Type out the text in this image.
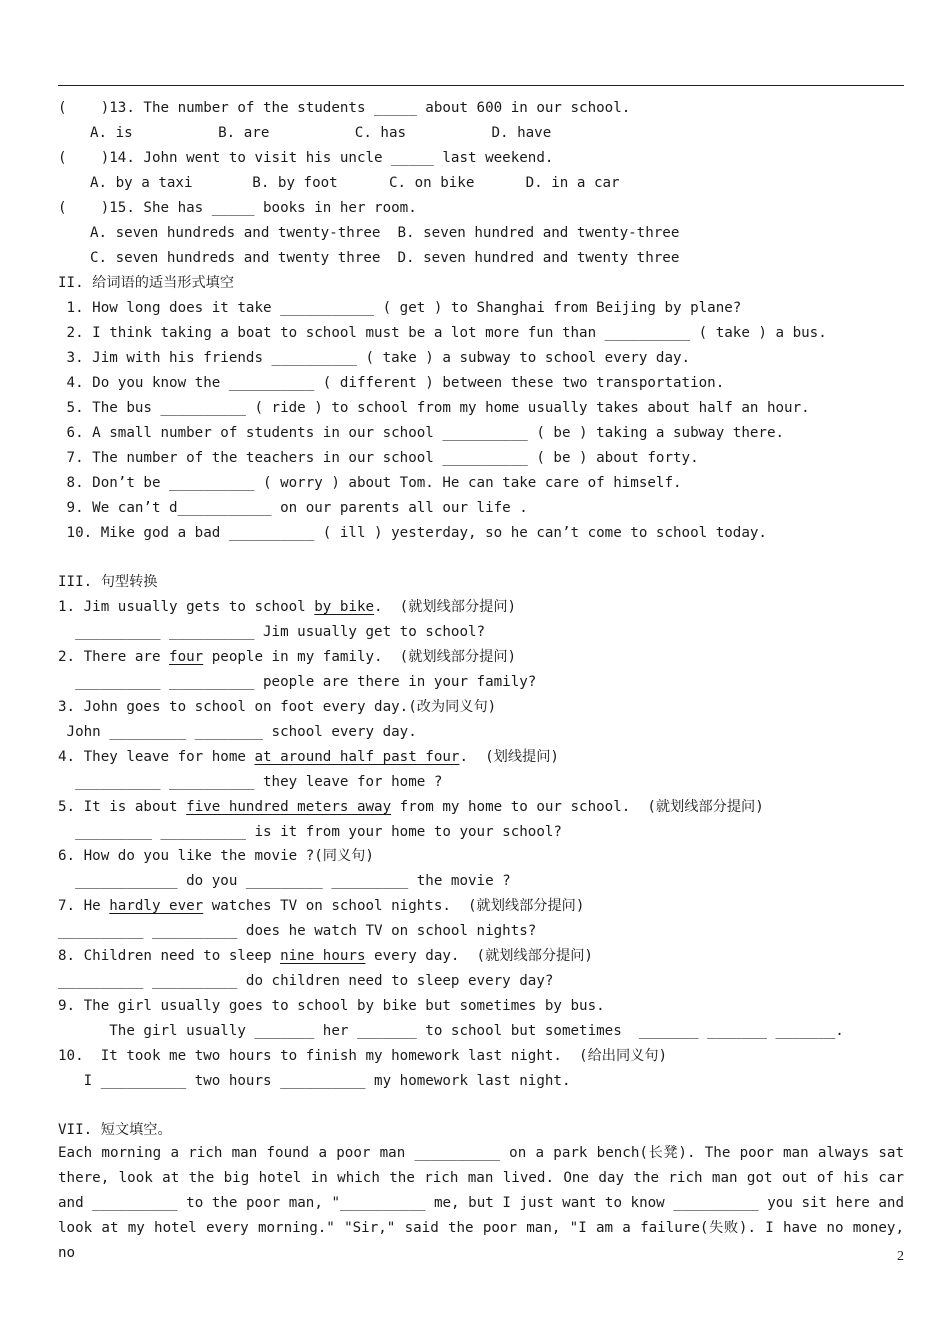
(    )13. The number of the students _____ about 600 in our school.
A. is          B. are          C. has          D. have
(    )14. John went to visit his uncle _____ last weekend.
A. by a taxi       B. by foot      C. on bike      D. in a car
(    )15. She has _____ books in her room.
A. seven hundreds and twenty-three  B. seven hundred and twenty-three
C. seven hundreds and twenty three  D. seven hundred and twenty three
II. 给词语的适当形式填空
1. How long does it take ___________ ( get ) to Shanghai from Beijing by plane?
2. I think taking a boat to school must be a lot more fun than __________ ( take ) a bus.
3. Jim with his friends __________ ( take ) a subway to school every day.
4. Do you know the __________ ( different ) between these two transportation.
5. The bus __________ ( ride ) to school from my home usually takes about half an hour.
6. A small number of students in our school __________ ( be ) taking a subway there.
7. The number of the teachers in our school __________ ( be ) about forty.
8. Don’t be __________ ( worry ) about Tom. He can take care of himself.
9. We can’t d___________ on our parents all our life .
10. Mike god a bad __________ ( ill ) yesterday, so he can’t come to school today.
III. 句型转换
1. Jim usually gets to school by bike.  (就划线部分提问)
__________ __________ Jim usually get to school?
2. There are four people in my family.  (就划线部分提问)
__________ __________ people are there in your family?
3. John goes to school on foot every day.(改为同义句)
John _________ ________ school every day.
4. They leave for home at around half past four.  (划线提问)
__________ __________ they leave for home ?
5. It is about five hundred meters away from my home to our school.  (就划线部分提问)
_________ __________ is it from your home to your school?
6. How do you like the movie ?(同义句)
____________ do you _________ _________ the movie ?
7. He hardly ever watches TV on school nights.  (就划线部分提问)
__________ __________ does he watch TV on school nights?
8. Children need to sleep nine hours every day.  (就划线部分提问)
__________ __________ do children need to sleep every day?
9. The girl usually goes to school by bike but sometimes by bus.
The girl usually _______ her _______ to school but sometimes  _______ _______ _______.
10.  It took me two hours to finish my homework last night.  (给出同义句)
I __________ two hours __________ my homework last night.
VII. 短文填空。
Each morning a rich man found a poor man __________ on a park bench(长凳). The poor man always sat there, look at the big hotel in which the rich man lived. One day the rich man got out of his car and __________ to the poor man, "__________ me, but I just want to know __________ you sit here and look at my hotel every morning." "Sir," said the poor man, "I am a failure(失败). I have no money, no	2
